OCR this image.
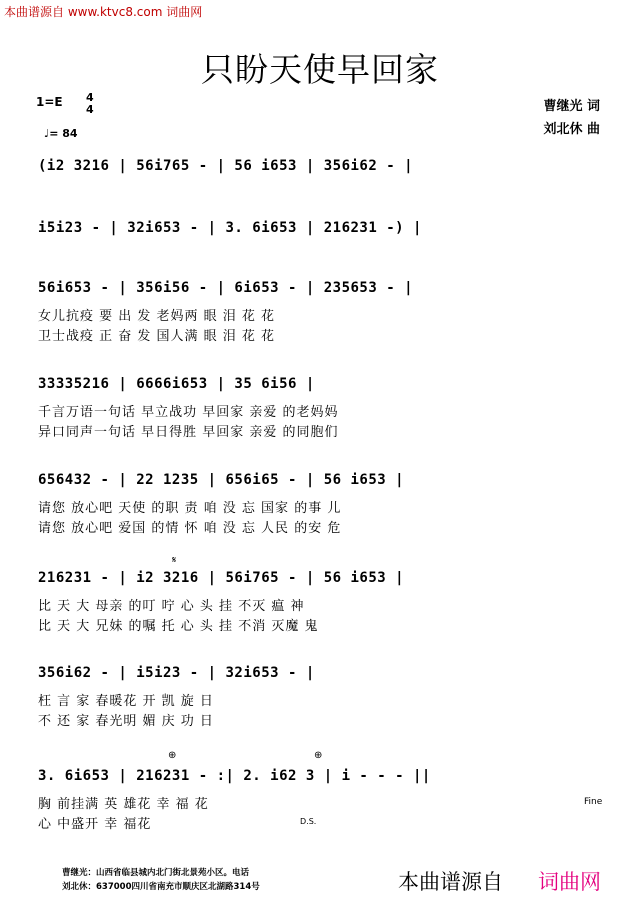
本曲谱源自 www.ktvc8.com 词曲网
只盼天使早回家
1=E 4
4
♩= 84
曹继光 词
刘北休 曲
(i2 3216 | 56i765 - | 56 i653 | 356i62 - |
i5i23 - | 32i653 - | 3. 6i653 | 216231 -) |
56i653 - | 356i56 - | 6i653 - | 235653 - |
女儿抗疫 要 出 发 老妈两 眼 泪 花 花
卫士战疫 正 奋 发 国人满 眼 泪 花 花
33335216 | 6666i653 | 35 6i56 |
千言万语一句话 早立战功 早回家 亲爱 的老妈妈
异口同声一句话 早日得胜 早回家 亲爱 的同胞们
656432 - | 22 1235 | 656i65 - | 56 i653 |
请您 放心吧 天使 的职 责 咱 没 忘 国家 的事 儿
请您 放心吧 爱国 的情 怀 咱 没 忘 人民 的安 危
𝄋
216231 - | i2 3216 | 56i765 - | 56 i653 |
比 天 大 母亲 的叮 咛 心 头 挂 不灭 瘟 神
比 天 大 兄妹 的嘱 托 心 头 挂 不消 灭魔 鬼
356i62 - | i5i23 - | 32i653 - |
枉 言 家 春暖花 开 凯 旋 日
不 还 家 春光明 媚 庆 功 日
⊕	⊕
3. 6i653 | 216231 - :| 2. i62 3 | i - - - ||
胸 前挂满 英 雄花 幸 福 花
心 中盛开 幸 福花
Fine
D.S.
曹继光：山西省临县城内北门街北景苑小区。电话
刘北休：637000四川省南充市顺庆区北湖路314号	本曲谱源自 词曲网
